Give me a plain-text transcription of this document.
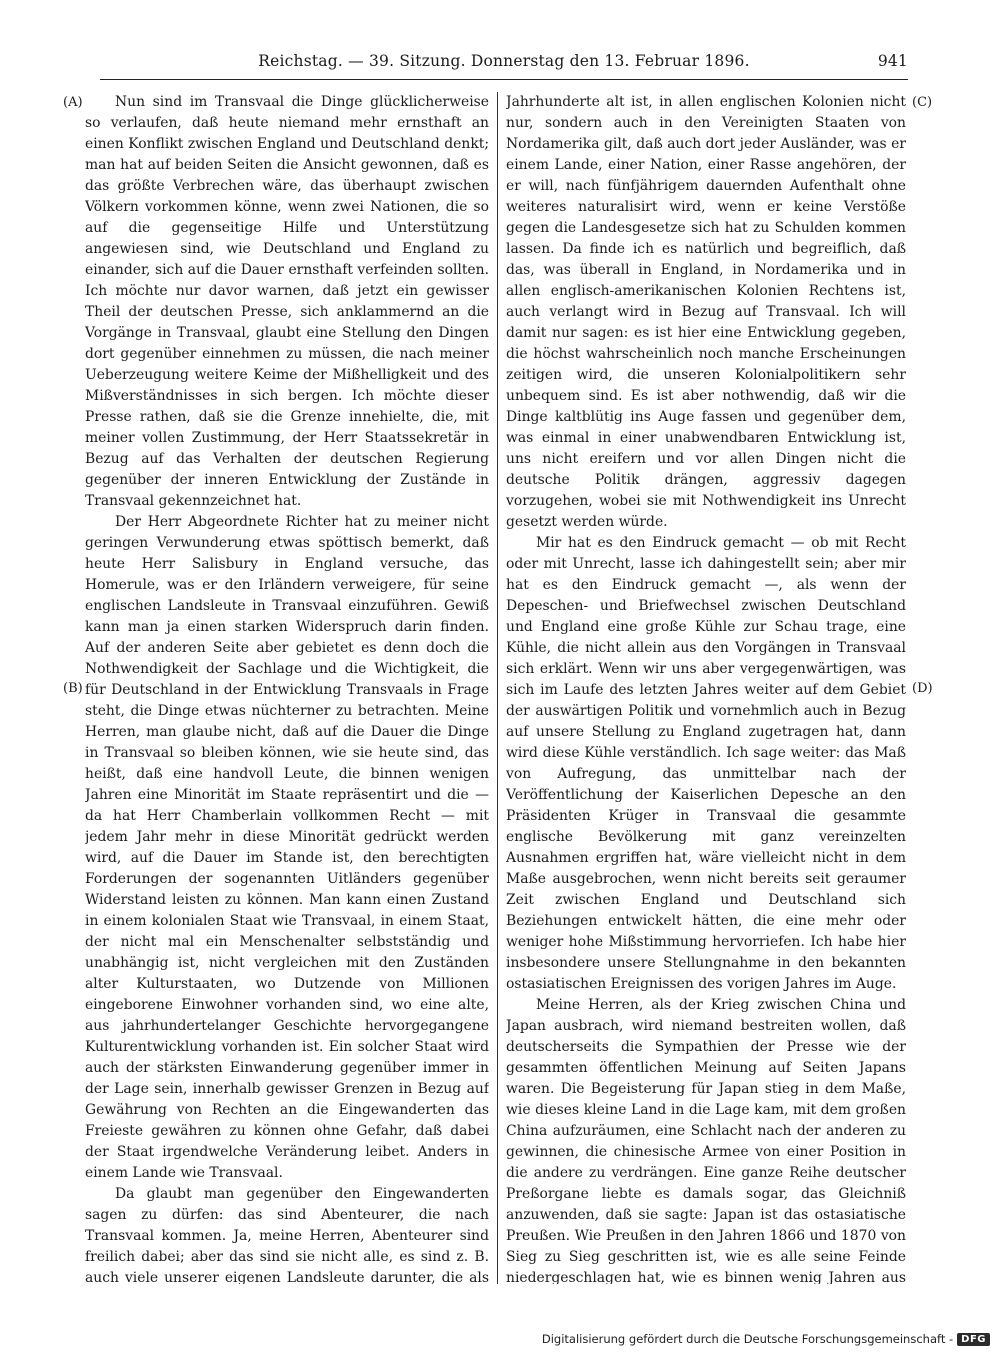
Reichstag. — 39. Sitzung. Donnerstag den 13. Februar 1896.	941
(A)
(B)
(C)
(D)

Nun sind im Transvaal die Dinge glücklicherweise so verlaufen, daß heute niemand mehr ernsthaft an einen Konflikt zwischen England und Deutschland denkt; man hat auf beiden Seiten die Ansicht gewonnen, daß es das größte Verbrechen wäre, das überhaupt zwischen Völkern vorkommen könne, wenn zwei Nationen, die so auf die gegenseitige Hilfe und Unterstützung angewiesen sind, wie Deutschland und England zu einander, sich auf die Dauer ernsthaft verfeinden sollten. Ich möchte nur davor warnen, daß jetzt ein gewisser Theil der deutschen Presse, sich anklammernd an die Vorgänge in Transvaal, glaubt eine Stellung den Dingen dort gegenüber einnehmen zu müssen, die nach meiner Ueberzeugung weitere Keime der Mißhelligkeit und des Mißverständnisses in sich bergen. Ich möchte dieser Presse rathen, daß sie die Grenze innehielte, die, mit meiner vollen Zustimmung, der Herr Staatssekretär in Bezug auf das Verhalten der deutschen Regierung gegenüber der inneren Entwicklung der Zustände in Transvaal gekennzeichnet hat.

Der Herr Abgeordnete Richter hat zu meiner nicht geringen Verwunderung etwas spöttisch bemerkt, daß heute Herr Salisbury in England versuche, das Homerule, was er den Irländern verweigere, für seine englischen Landsleute in Transvaal einzuführen. Gewiß kann man ja einen starken Widerspruch darin finden. Auf der anderen Seite aber gebietet es denn doch die Nothwendigkeit der Sachlage und die Wichtigkeit, die für Deutschland in der Entwicklung Transvaals in Frage steht, die Dinge etwas nüchterner zu betrachten. Meine Herren, man glaube nicht, daß auf die Dauer die Dinge in Transvaal so bleiben können, wie sie heute sind, das heißt, daß eine handvoll Leute, die binnen wenigen Jahren eine Minorität im Staate repräsentirt und die — da hat Herr Chamberlain vollkommen Recht — mit jedem Jahr mehr in diese Minorität gedrückt werden wird, auf die Dauer im Stande ist, den berechtigten Forderungen der sogenannten Uitländers gegenüber Widerstand leisten zu können. Man kann einen Zustand in einem kolonialen Staat wie Transvaal, in einem Staat, der nicht mal ein Menschenalter selbstständig und unabhängig ist, nicht vergleichen mit den Zuständen alter Kulturstaaten, wo Dutzende von Millionen eingeborene Einwohner vorhanden sind, wo eine alte, aus jahrhundertelanger Geschichte hervorgegangene Kulturentwicklung vorhanden ist. Ein solcher Staat wird auch der stärksten Einwanderung gegenüber immer in der Lage sein, innerhalb gewisser Grenzen in Bezug auf Gewährung von Rechten an die Eingewanderten das Freieste gewähren zu können ohne Gefahr, daß dabei der Staat irgendwelche Veränderung leibet. Anders in einem Lande wie Transvaal.

Da glaubt man gegenüber den Eingewanderten sagen zu dürfen: das sind Abenteurer, die nach Transvaal kommen. Ja, meine Herren, Abenteurer sind freilich dabei; aber das sind sie nicht alle, es sind z. B. auch viele unserer eigenen Landsleute darunter, die als

Jahrhunderte alt ist, in allen englischen Kolonien nicht nur, sondern auch in den Vereinigten Staaten von Nordamerika gilt, daß auch dort jeder Ausländer, was er einem Lande, einer Nation, einer Rasse angehören, der er will, nach fünfjährigem dauernden Aufenthalt ohne weiteres naturalisirt wird, wenn er keine Verstöße gegen die Landesgesetze sich hat zu Schulden kommen lassen. Da finde ich es natürlich und begreiflich, daß das, was überall in England, in Nordamerika und in allen englisch-amerikanischen Kolonien Rechtens ist, auch verlangt wird in Bezug auf Transvaal. Ich will damit nur sagen: es ist hier eine Entwicklung gegeben, die höchst wahrscheinlich noch manche Erscheinungen zeitigen wird, die unseren Kolonialpolitikern sehr unbequem sind. Es ist aber nothwendig, daß wir die Dinge kaltblütig ins Auge fassen und gegenüber dem, was einmal in einer unabwendbaren Entwicklung ist, uns nicht ereifern und vor allen Dingen nicht die deutsche Politik drängen, aggressiv dagegen vorzugehen, wobei sie mit Nothwendigkeit ins Unrecht gesetzt werden würde.

Mir hat es den Eindruck gemacht — ob mit Recht oder mit Unrecht, lasse ich dahingestellt sein; aber mir hat es den Eindruck gemacht —, als wenn der Depeschen- und Briefwechsel zwischen Deutschland und England eine große Kühle zur Schau trage, eine Kühle, die nicht allein aus den Vorgängen in Transvaal sich erklärt. Wenn wir uns aber vergegenwärtigen, was sich im Laufe des letzten Jahres weiter auf dem Gebiet der auswärtigen Politik und vornehmlich auch in Bezug auf unsere Stellung zu England zugetragen hat, dann wird diese Kühle verständlich. Ich sage weiter: das Maß von Aufregung, das unmittelbar nach der Veröffentlichung der Kaiserlichen Depesche an den Präsidenten Krüger in Transvaal die gesammte englische Bevölkerung mit ganz vereinzelten Ausnahmen ergriffen hat, wäre vielleicht nicht in dem Maße ausgebrochen, wenn nicht bereits seit geraumer Zeit zwischen England und Deutschland sich Beziehungen entwickelt hätten, die eine mehr oder weniger hohe Mißstimmung hervorriefen. Ich habe hier insbesondere unsere Stellungnahme in den bekannten ostasiatischen Ereignissen des vorigen Jahres im Auge.

Meine Herren, als der Krieg zwischen China und Japan ausbrach, wird niemand bestreiten wollen, daß deutscherseits die Sympathien der Presse wie der gesammten öffentlichen Meinung auf Seiten Japans waren. Die Begeisterung für Japan stieg in dem Maße, wie dieses kleine Land in die Lage kam, mit dem großen China aufzuräumen, eine Schlacht nach der anderen zu gewinnen, die chinesische Armee von einer Position in die andere zu verdrängen. Eine ganze Reihe deutscher Preßorgane liebte es damals sogar, das Gleichniß anzuwenden, daß sie sagte: Japan ist das ostasiatische Preußen. Wie Preußen in den Jahren 1866 und 1870 von Sieg zu Sieg geschritten ist, wie es alle seine Feinde niedergeschlagen hat, wie es binnen wenig Jahren aus

Digitalisierung gefördert durch die Deutsche Forschungsgemeinschaft - DFG
